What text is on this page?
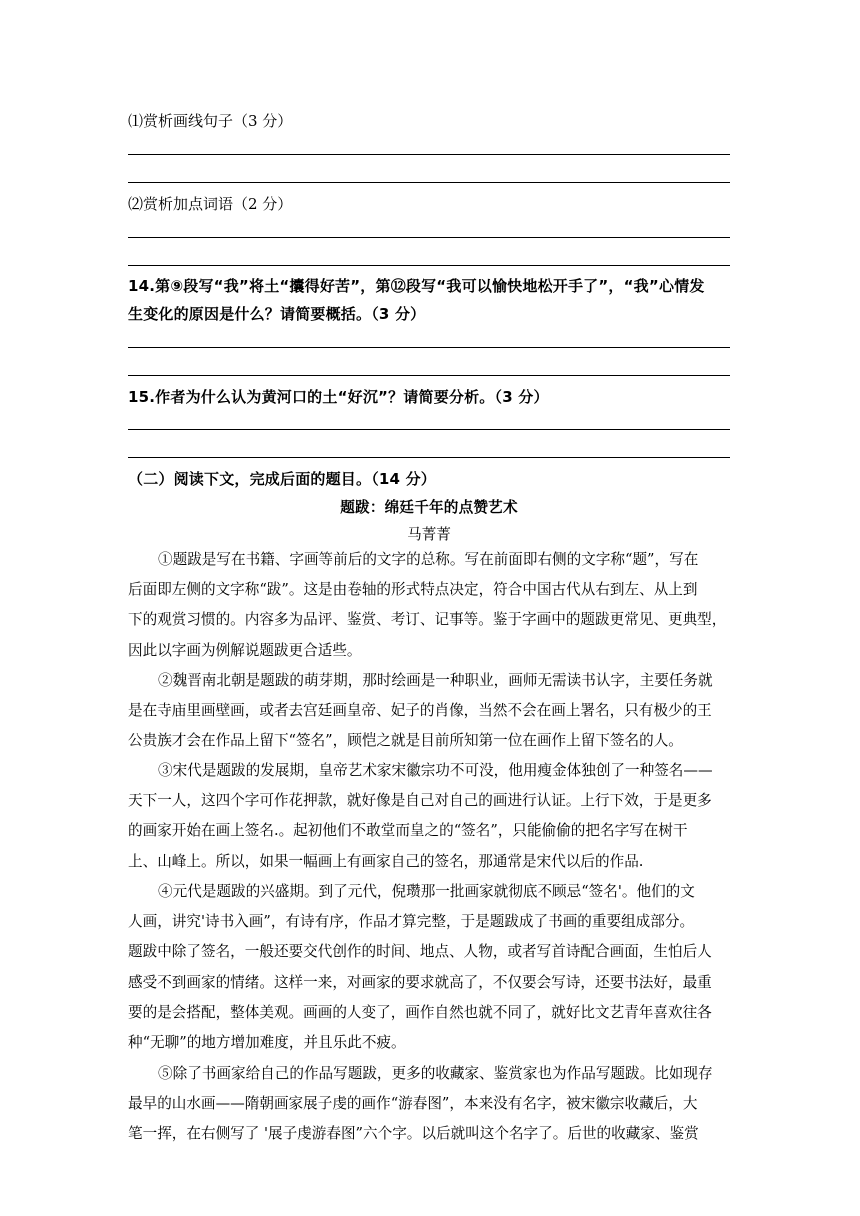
⑴赏析画线句子（3 分）
⑵赏析加点词语（2 分）
14.第⑨段写“我”将土“攮得好苦”，第⑫段写“我可以愉快地松开手了”，“我”心情发
生变化的原因是什么？请简要概括。（3 分）
15.作者为什么认为黄河口的土“好沉”？请简要分析。（3 分）
（二）阅读下文，完成后面的题目。（14 分）
题跋：绵廷千年的点赞艺术
马菁菁
①题跋是写在书籍、字画等前后的文字的总称。写在前面即右侧的文字称“题”，写在
后面即左侧的文字称“跋”。这是由卷轴的形式特点决定，符合中国古代从右到左、从上到
下的观赏习惯的。内容多为品评、鉴赏、考订、记事等。鉴于字画中的题跋更常见、更典型，
因此以字画为例解说题跋更合适些。
②魏晋南北朝是题跋的萌芽期，那时绘画是一种职业，画师无需读书认字，主要任务就
是在寺庙里画壁画，或者去宫廷画皇帝、妃子的肖像，当然不会在画上署名，只有极少的王
公贵族才会在作品上留下“签名”，顾恺之就是目前所知第一位在画作上留下签名的人。
③宋代是题跋的发展期，皇帝艺术家宋徽宗功不可没，他用瘦金体独创了一种签名——
天下一人，这四个字可作花押款，就好像是自己对自己的画进行认证。上行下效，于是更多
的画家开始在画上签名.。起初他们不敢堂而皇之的“签名”，只能偷偷的把名字写在树干
上、山峰上。所以，如果一幅画上有画家自己的签名，那通常是宋代以后的作品.
④元代是题跋的兴盛期。到了元代，倪瓒那一批画家就彻底不顾忌“签名'。他们的文
人画，讲究'诗书入画”，有诗有序，作品才算完整，于是题跋成了书画的重要组成部分。
题跋中除了签名，一般还要交代创作的时间、地点、人物，或者写首诗配合画面，生怕后人
感受不到画家的情绪。这样一来，对画家的要求就高了，不仅要会写诗，还要书法好，最重
要的是会搭配，整体美观。画画的人变了，画作自然也就不同了，就好比文艺青年喜欢往各
种“无聊”的地方增加难度，并且乐此不疲。
⑤除了书画家给自己的作品写题跋，更多的收藏家、鉴赏家也为作品写题跋。比如现存
最早的山水画——隋朝画家展子虔的画作“游春图”，本来没有名字，被宋徽宗收藏后，大
笔一挥，在右侧写了 '展子虔游春图”六个字。以后就叫这个名字了。后世的收藏家、鉴赏
